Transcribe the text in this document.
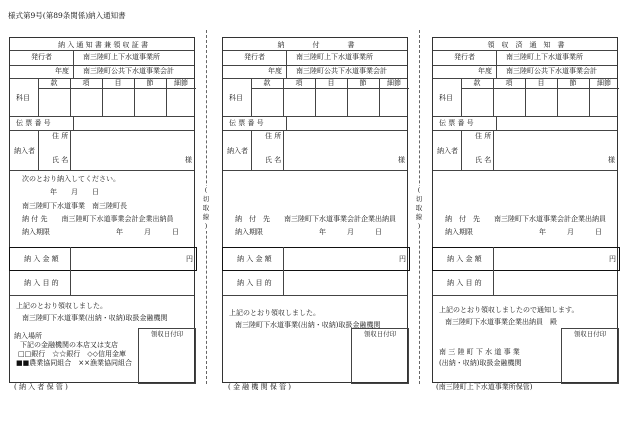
様式第9号(第89条関係)納入通知書
納 入 通 知 書 兼 領 収 証 書
発行者	南三陸町上下水道事業所
年度 南三陸町公共下水道事業会計
款	項	目	節	細節
科目
伝 票 番 号
納入者
住 所
氏 名	様
次のとおり納入してください。
年　　月　　日
南三陸町下水道事業　南三陸町長
納 付 先　　南三陸町下水道事業会計企業出納員
納入期限	年　　　月　　　日
納 入 金 額	円
納 入 目 的
上記のとおり領収しました。
南三陸町下水道事業(出納・収納)取扱金融機関
領収日付印
納入場所
下記の金融機関の本店又は支店
□□銀行　☆☆銀行　◇◇信用金庫
■■農業協同組合　××漁業協同組合
( 納 入 者 保 管 )
(
切
取
線
)
納　　　　付　　　　書
発行者	南三陸町上下水道事業所
年度 南三陸町公共下水道事業会計
款	項	目	節	細節
科目
伝 票 番 号
納入者
住 所
氏 名	様
納　付　先　　南三陸町下水道事業会計企業出納員
納入期限	年　　　月　　　日
納 入 金 額	円
納 入 目 的
上記のとおり領収しました。
南三陸町下水道事業(出納・収納)取扱金融機関
領収日付印
( 金 融 機 関 保 管 )
(
切
取
線
)
領　収　済　通　知　書
発行者	南三陸町上下水道事業所
年度 南三陸町公共下水道事業会計
款	項	目	節	細節
科目
伝 票 番 号
納入者
住 所
氏 名	様
納　付　先　　南三陸町下水道事業会計企業出納員
納入期限	年　　　月　　　日
納 入 金 額	円
納 入 目 的
上記のとおり領収しましたので通知します。
南三陸町下水道事業企業出納員　殿
領収日付印
南 三 陸 町 下 水 道 事 業
(出納・収納)取扱金融機関
(南三陸町上下水道事業所保管)
